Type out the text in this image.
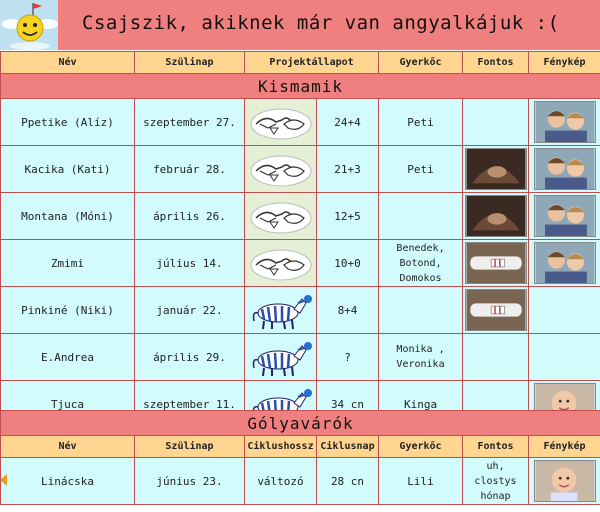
Csajszik, akiknek már van angyalkájuk :(
Név	Szülinap	Projektállapot		Gyerkőc	Fontos	Fénykép
Kismamik						
Ppetike (Alíz)	szeptember 27.		24+4	Peti		

Kacika (Kati)	február 28.		21+3	Peti	

Montana (Móni)	április 26.		12+5		

Zmimi	július 14.		10+0	Benedek,
Botond,
Domokos	

Pinkiné (Niki)	január 22.		8+4		

E.Andrea	április 29.		?	Monika ,
Veronika		
Tjuca	szeptember 11.		34 cn	Kinga		
Gólyavárók						
Név	Szülinap	Ciklushossz	Ciklusnap	Gyerkőc	Fontos	Fénykép

Linácska	június 23.	változó	28 cn	Lili	uh, clostys
hónap	
